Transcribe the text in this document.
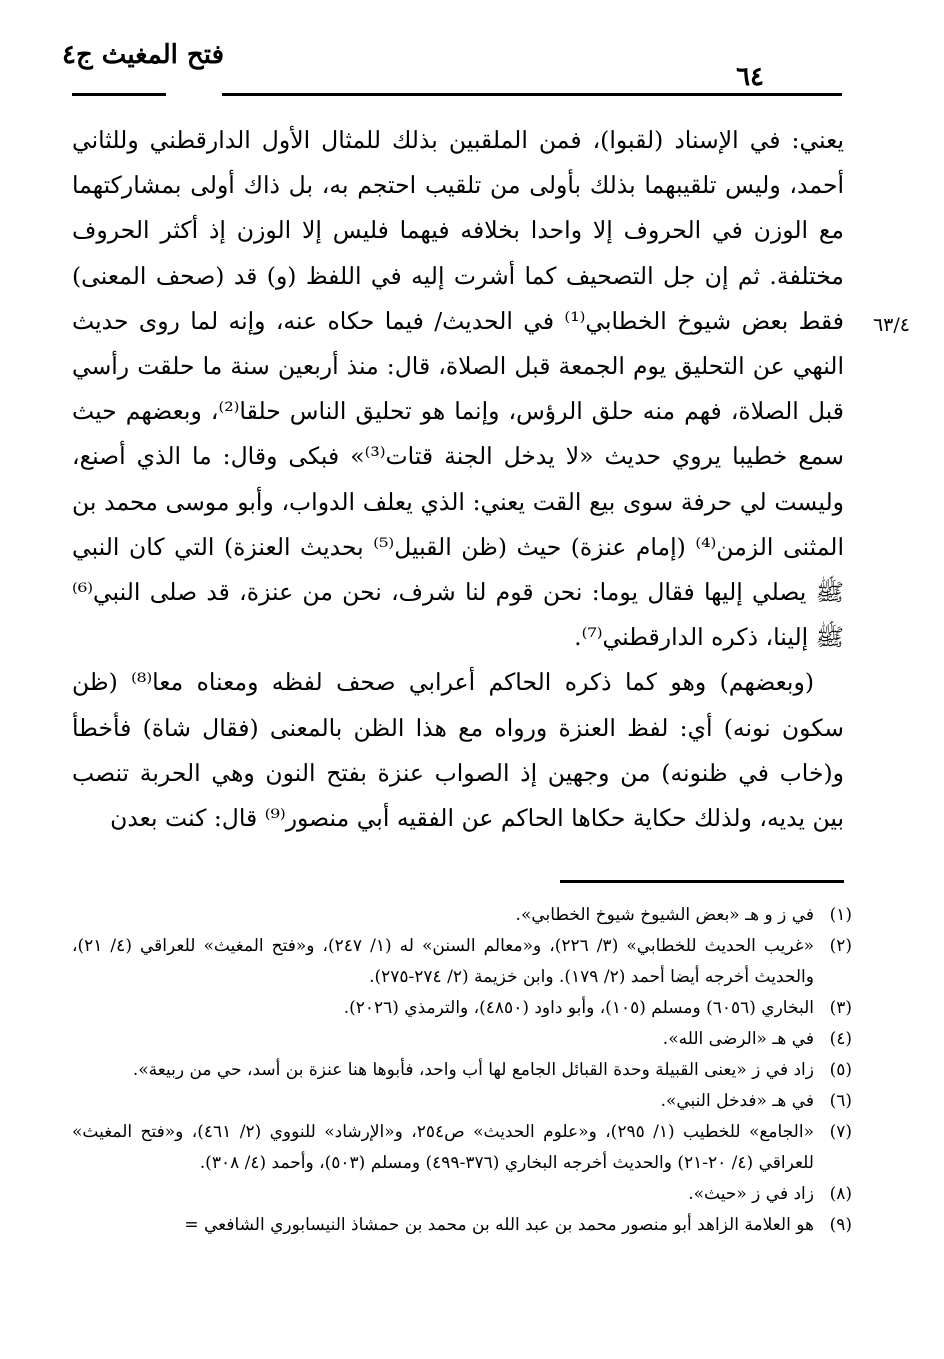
فتح المغيث ج٤
٦٤
٦٣/٤

يعني: في الإسناد (لقبوا)، فمن الملقبين بذلك للمثال الأول الدارقطني وللثاني أحمد، وليس تلقيبهما بذلك بأولى من تلقيب احتجم به، بل ذاك أولى بمشاركتهما مع الوزن في الحروف إلا واحدا بخلافه فيهما فليس إلا الوزن إذ أكثر الحروف مختلفة. ثم إن جل التصحيف كما أشرت إليه في اللفظ (و) قد (صحف المعنى) فقط بعض شيوخ الخطابي⁽¹⁾ في الحديث/ فيما حكاه عنه، وإنه لما روى حديث النهي عن التحليق يوم الجمعة قبل الصلاة، قال: منذ أربعين سنة ما حلقت رأسي قبل الصلاة، فهم منه حلق الرؤس، وإنما هو تحليق الناس حلقا⁽²⁾، وبعضهم حيث سمع خطيبا يروي حديث «لا يدخل الجنة قتات⁽³⁾» فبكى وقال: ما الذي أصنع، وليست لي حرفة سوى بيع القت يعني: الذي يعلف الدواب، وأبو موسى محمد بن المثنى الزمن⁽⁴⁾ (إمام عنزة) حيث (ظن القبيل⁽⁵⁾ بحديث العنزة) التي كان النبي ﷺ يصلي إليها فقال يوما: نحن قوم لنا شرف، نحن من عنزة، قد صلى النبي⁽⁶⁾ ﷺ إلينا، ذكره الدارقطني⁽⁷⁾.

(وبعضهم) وهو كما ذكره الحاكم أعرابي صحف لفظه ومعناه معا⁽⁸⁾ (ظن سكون نونه) أي: لفظ العنزة ورواه مع هذا الظن بالمعنى (فقال شاة) فأخطأ و(خاب في ظنونه) من وجهين إذ الصواب عنزة بفتح النون وهي الحربة تنصب بين يديه، ولذلك حكاية حكاها الحاكم عن الفقيه أبي منصور⁽⁹⁾ قال: كنت بعدن

(١)
في ز و هـ «بعض الشيوخ شيوخ الخطابي».

(٢)
«غريب الحديث للخطابي» (٣/ ٢٢٦)، و«معالم السنن» له (١/ ٢٤٧)، و«فتح المغيث» للعراقي (٤/ ٢١)، والحديث أخرجه أيضا أحمد (٢/ ١٧٩). وابن خزيمة (٢/ ٢٧٤-٢٧٥).

(٣)
البخاري (٦٠٥٦) ومسلم (١٠٥)، وأبو داود (٤٨٥٠)، والترمذي (٢٠٢٦).

(٤)
في هـ «الرضى الله».

(٥)
زاد في ز «يعنى القبيلة وحدة القبائل الجامع لها أب واحد، فأبوها هنا عنزة بن أسد، حي من ربيعة».

(٦)
في هـ «فدخل النبي».

(٧)
«الجامع» للخطيب (١/ ٢٩٥)، و«علوم الحديث» ص٢٥٤، و«الإرشاد» للنووي (٢/ ٤٦١)، و«فتح المغيث» للعراقي (٤/ ٢٠-٢١) والحديث أخرجه البخاري (٣٧٦-٤٩٩) ومسلم (٥٠٣)، وأحمد (٤/ ٣٠٨).

(٨)
زاد في ز «حيث».

(٩)
هو العلامة الزاهد أبو منصور محمد بن عبد الله بن محمد بن حمشاذ النيسابوري الشافعي =
